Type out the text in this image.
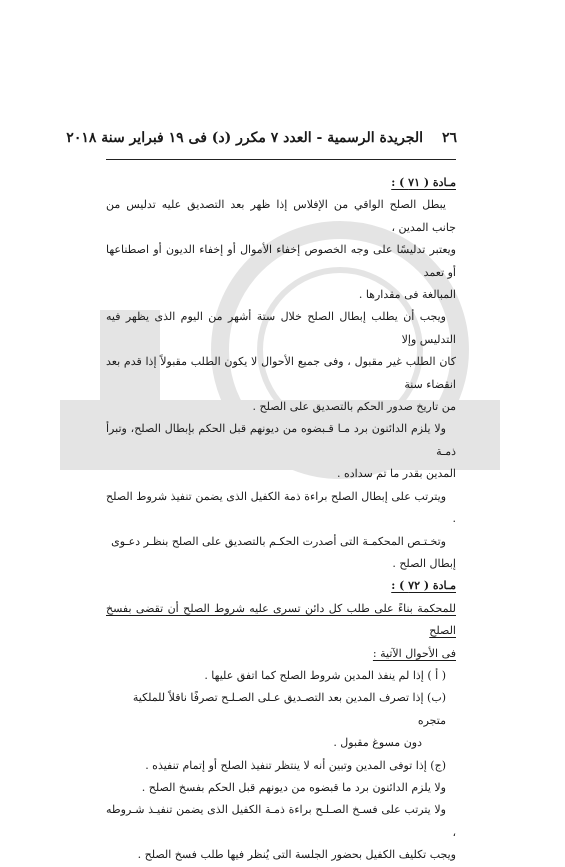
٢٦
الجريدة الرسمية - العدد ٧ مكرر (د) فى ١٩ فبراير سنة ٢٠١٨

مـادة ( ٧١ ) :

يبطل الصلح الواقي من الإفلاس إذا ظهر بعد التصديق عليه تدليس من جانب المدين ،

ويعتبر تدليسًا على وجه الخصوص إخفاء الأموال أو إخفاء الديون أو اصطناعها أو تعمد

المبالغة فى مقدارها .

ويجب أن يطلب إبطال الصلح خلال ستة أشهر من اليوم الذى يظهر فيه التدليس وإلا

كان الطلب غير مقبول ، وفى جميع الأحوال لا يكون الطلب مقبولاً إذا قدم بعد انقضاء سنة

من تاريخ صدور الحكم بالتصديق على الصلح .

ولا يلزم الدائنون برد مـا قـبضوه من ديونهم قبل الحكم بإبطال الصلح، وتبرأ ذمـة

المدين بقدر ما تم سداده .

ويترتب على إبطال الصلح براءة ذمة الكفيل الذى يضمن تنفيذ شروط الصلح .

وتخـتـص المحكمـة التى أصدرت الحكـم بالتصديق على الصلح بنظـر دعـوى

إبطال الصلح .

مـادة ( ٧٢ ) :

للمحكمة بناءً على طلب كل دائن تسرى عليه شروط الصلح أن تقضى بفسخ الصلح

فى الأحوال الآتية :

( أ ) إذا لم ينفذ المدين شروط الصلح كما اتفق عليها .

(ب) إذا تصرف المدين بعد التصـديق عـلى الصـلـح تصرفًا ناقلاً للملكية متجره

دون مسوغ مقبول .

(ج) إذا توفى المدين وتبين أنه لا ينتظر تنفيذ الصلح أو إتمام تنفيذه .

ولا يلزم الدائنون برد ما قبضوه من ديونهم قبل الحكم بفسخ الصلح .

ولا يترتب على فسـخ الصـلـح براءة ذمـة الكفيل الذى يضمن تنفيـذ شـروطه ،

ويجب تكليف الكفيل بحضور الجلسة التى يُنظر فيها طلب فسخ الصلح .
